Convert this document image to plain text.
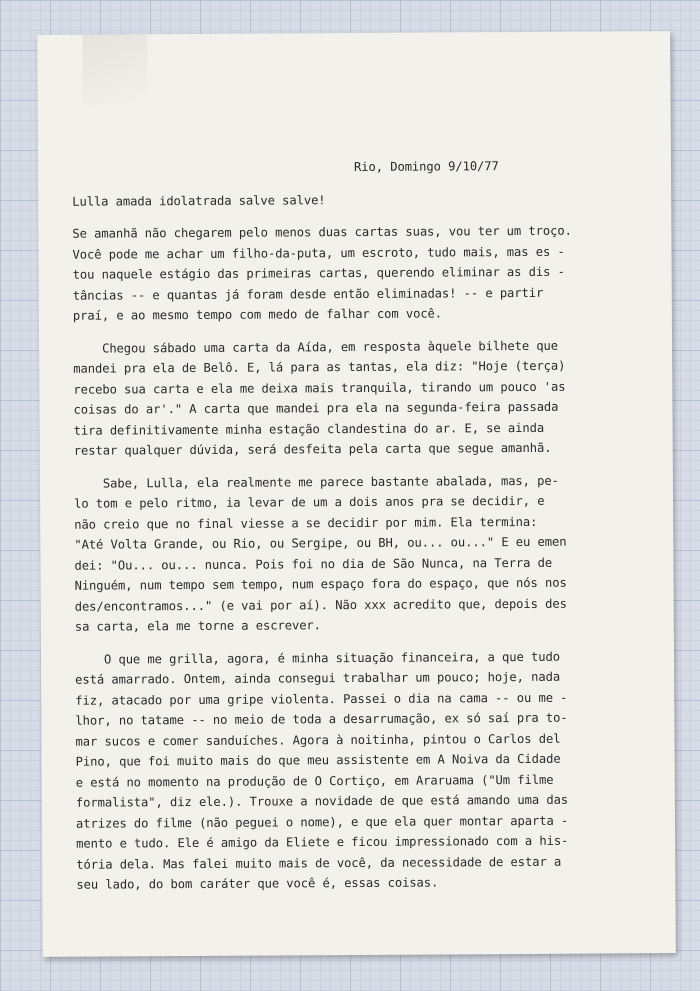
Rio, Domingo 9/10/77
Lulla amada idolatrada salve salve!
Se amanhã não chegarem pelo menos duas cartas suas, vou ter um troço.
Você pode me achar um filho-da-puta, um escroto, tudo mais, mas es -
tou naquele estágio das primeiras cartas, querendo eliminar as dis -
tâncias -- e quantas já foram desde então eliminadas! -- e partir
praí, e ao mesmo tempo com medo de falhar com você.
Chegou sábado uma carta da Aída, em resposta àquele bilhete que
mandei pra ela de Belô. E, lá para as tantas, ela diz: "Hoje (terça)
recebo sua carta e ela me deixa mais tranquila, tirando um pouco 'as
coisas do ar'." A carta que mandei pra ela na segunda-feira passada
tira definitivamente minha estação clandestina do ar. E, se ainda
restar qualquer dúvida, será desfeita pela carta que segue amanhã.
Sabe, Lulla, ela realmente me parece bastante abalada, mas, pe-
lo tom e pelo ritmo, ia levar de um a dois anos pra se decidir, e
não creio que no final viesse a se decidir por mim. Ela termina:
"Até Volta Grande, ou Rio, ou Sergipe, ou BH, ou... ou..." E eu emen
dei: "Ou... ou... nunca. Pois foi no dia de São Nunca, na Terra de
Ninguém, num tempo sem tempo, num espaço fora do espaço, que nós nos
des/encontramos..." (e vai por aí). Não xxx acredito que, depois des
sa carta, ela me torne a escrever.
O que me grilla, agora, é minha situação financeira, a que tudo
está amarrado. Ontem, ainda consegui trabalhar um pouco; hoje, nada
fiz, atacado por uma gripe violenta. Passei o dia na cama -- ou me -
lhor, no tatame -- no meio de toda a desarrumação, ex só saí pra to-
mar sucos e comer sanduíches. Agora à noitinha, pintou o Carlos del
Pino, que foi muito mais do que meu assistente em A Noiva da Cidade
e está no momento na produção de O Cortiço, em Araruama ("Um filme
formalista", diz ele.). Trouxe a novidade de que está amando uma das
atrizes do filme (não peguei o nome), e que ela quer montar aparta -
mento e tudo. Ele é amigo da Eliete e ficou impressionado com a his-
tória dela. Mas falei muito mais de você, da necessidade de estar a
seu lado, do bom caráter que você é, essas coisas.
